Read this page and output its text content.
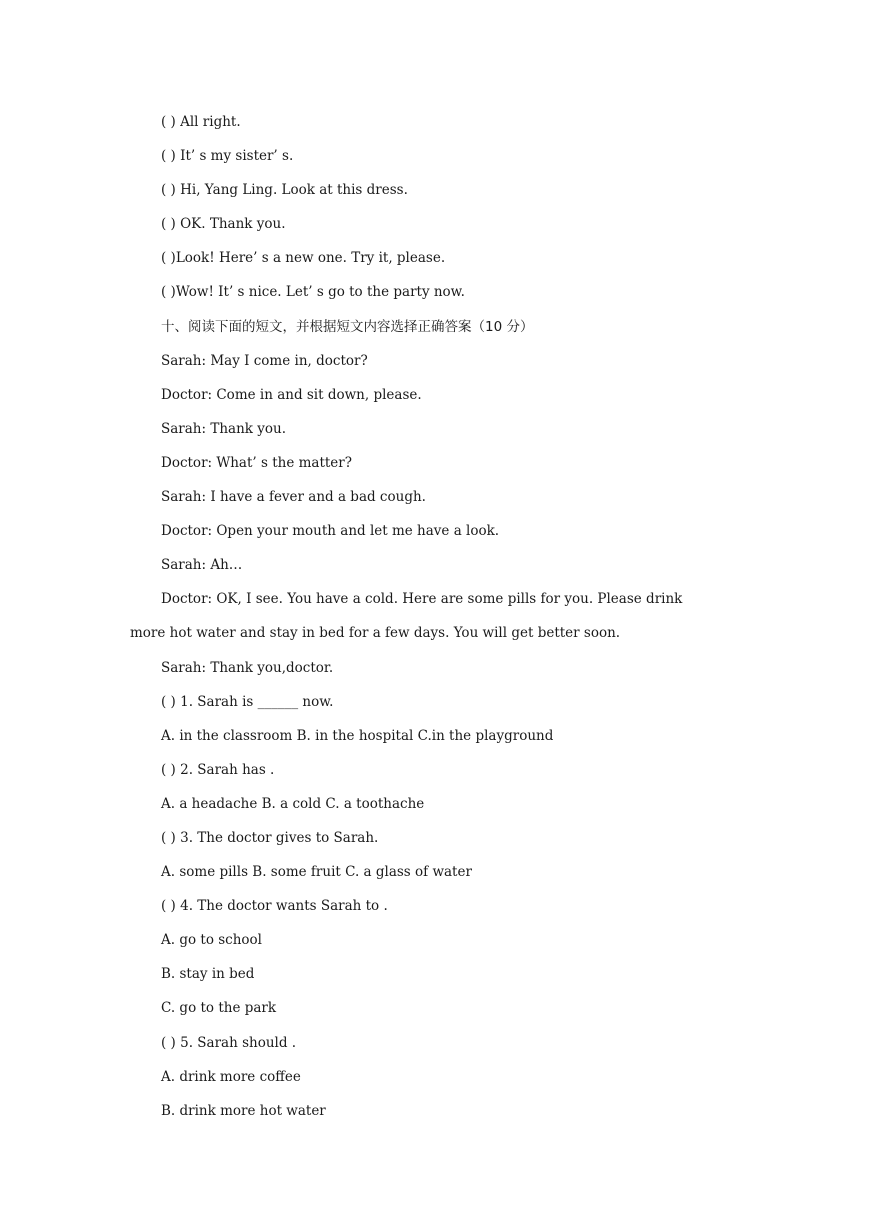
( ) All right.
( ) It’ s my sister’ s.
( ) Hi, Yang Ling. Look at this dress.
( ) OK. Thank you.
( )Look! Here’ s a new one. Try it, please.
( )Wow! It’ s nice. Let’ s go to the party now.
十、阅读下面的短文，并根据短文内容选择正确答案（10 分）
Sarah: May I come in, doctor?
Doctor: Come in and sit down, please.
Sarah: Thank you.
Doctor: What’ s the matter?
Sarah: I have a fever and a bad cough.
Doctor: Open your mouth and let me have a look.
Sarah: Ah…
Doctor: OK, I see. You have a cold. Here are some pills for you. Please drink
more hot water and stay in bed for a few days. You will get better soon.
Sarah: Thank you,doctor.
( ) 1. Sarah is ______ now.
A. in the classroom B. in the hospital C.in the playground
( ) 2. Sarah has .
A. a headache B. a cold C. a toothache
( ) 3. The doctor gives to Sarah.
A. some pills B. some fruit C. a glass of water
( ) 4. The doctor wants Sarah to .
A. go to school
B. stay in bed
C. go to the park
( ) 5. Sarah should .
A. drink more coffee
B. drink more hot water
